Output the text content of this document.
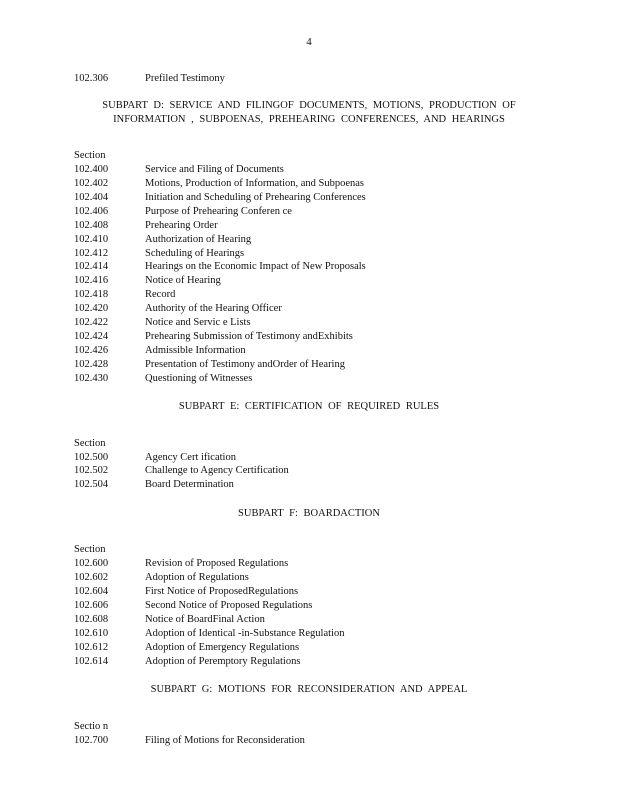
4
102.306	Prefiled Testimony
SUBPART D: SERVICE AND FILINGOF DOCUMENTS, MOTIONS, PRODUCTION OF
INFORMATION , SUBPOENAS, PREHEARING CONFERENCES, AND HEARINGS
Section
102.400	Service and Filing of Documents
102.402	Motions, Production of Information, and Subpoenas
102.404	Initiation and Scheduling of Prehearing Conferences
102.406	Purpose of Prehearing Conferen ce
102.408	Prehearing Order
102.410	Authorization of Hearing
102.412	Scheduling of Hearings
102.414	Hearings on the Economic Impact of New Proposals
102.416	Notice of Hearing
102.418	Record
102.420	Authority of the Hearing Officer
102.422	Notice and Servic e Lists
102.424	Prehearing Submission of Testimony andExhibits
102.426	Admissible Information
102.428	Presentation of Testimony andOrder of Hearing
102.430	Questioning of Witnesses
SUBPART E: CERTIFICATION OF REQUIRED RULES
Section
102.500	Agency Cert ification
102.502	Challenge to Agency Certification
102.504	Board Determination
SUBPART F: BOARDACTION
Section
102.600	Revision of Proposed Regulations
102.602	Adoption of Regulations
102.604	First Notice of ProposedRegulations
102.606	Second Notice of Proposed Regulations
102.608	Notice of BoardFinal Action
102.610	Adoption of Identical -in-Substance Regulation
102.612	Adoption of Emergency Regulations
102.614	Adoption of Peremptory Regulations
SUBPART G: MOTIONS FOR RECONSIDERATION AND APPEAL
Sectio n
102.700	Filing of Motions for Reconsideration
